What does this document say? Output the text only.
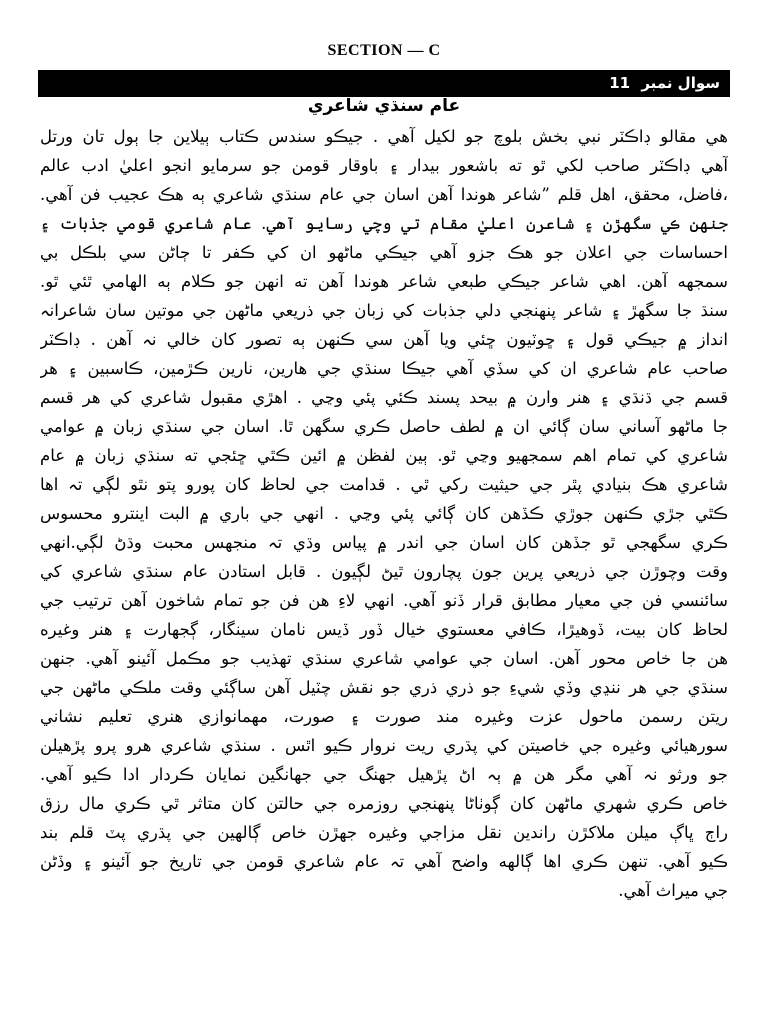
SECTION — C
سوال نمبر 11
عام سنڌي شاعري
هي مقالو ڊاڪٽر نبي بخش بلوچ جو لکيل آهي . جيڪو سندس ڪتاب ٻيلاين جا ٻول تان ورتل
آهي ڊاڪٽر صاحب لکي ٿو ته باشعور بيدار ۽ باوقار قومن جو سرمايو انجو اعليٰ ادب عالم
،فاضل، محقق، اهل قلم ”شاعر هوندا آهن اسان جي عام سنڌي شاعري ٻه هڪ عجيب فن آهي.
جنهن ڪي سگهڙن ۽ شاعرن اعليٰ مقام تي وچي رسايو آهي. عام شاعري قومي جذبات ۽
احساسات جي اعلان جو هڪ جزو آهي جيڪي ماڻهو ان کي ڪفر تا ڄاڻن سي بلڪل بي
سمجهه آهن. اهي شاعر جيڪي طبعي شاعر هوندا آهن ته انهن جو ڪلام ٻه الهامي ٿئي ٿو.
سنڌ جا سگهڙ ۽ شاعر پنهنجي دلي جذبات کي زبان جي ذريعي ماڻهن جي موتين سان شاعرانہ
انداز ۾ جيڪي قول ۽ ڇوٽيون ڇئي ويا آهن سي ڪنهن ٻه تصور کان خالي نہ آهن . ڊاڪٽر
صاحب عام شاعري ان کي سڏي آهي جيڪا سنڌي جي هارين، نارين ڪڙمين، ڪاسبين ۽ هر
قسم جي ڌنڌي ۽ هنر وارن ۾ بيحد پسند ڪئي پئي وڃي . اهڙي مقبول شاعري کي هر قسم
جا ماڻهو آساني سان ڳائي ان ۾ لطف حاصل ڪري سگهن ٿا. اسان جي سنڌي زبان ۾ عوامي
شاعري کي تمام اهم سمجهيو وڃي ٿو. ٻين لفظن ۾ ائين ڪٿي ڇئجي ته سنڌي زبان ۾ عام
شاعري هڪ بنيادي پٿر جي حيثيت رکي ٿي . قدامت جي لحاظ کان پورو پتو نٿو لڳي تہ اها
ڪٿي جڙي ڪنهن جوڙي ڪڏهن کان ڳائي پئي وڃي . انهي جي باري ۾ البت اينترو محسوس
ڪري سگهجي ٿو جڏهن کان اسان جي اندر ۾ پياس وڌي تہ منجهس محبت وڌڻ لڳي.انهي
وقت وچوڙن جي ذريعي پرين جون پچارون ٿيڻ لڳيون . قابل استادن عام سنڌي شاعري کي
سائنسي فن جي معيار مطابق قرار ڏنو آهي. انهي لاءِ هن فن جو تمام شاخون آهن ترتيب جي
لحاظ کان بيت، ڏوهيڙا، ڪافي معستوي خيال ڏور ڏيس نامان سينگار، ڳجهارت ۽ هنر وغيره
هن جا خاص محور آهن. اسان جي عوامي شاعري سنڌي تهذيب جو مڪمل آئينو آهي. جنهن
سنڌي جي هر ننڍي وڏي شيءِ جو ذري ذري جو نقش چٽيل آهن ساڳئي وقت ملڪي ماڻهن جي
ريتن رسمن ماحول عزت وغيره مند صورت ۽ صورت، مهمانوازي هنري تعليم نشاني
سورهيائي وغيره جي خاصيتن کي پڌري ريت نروار ڪيو اٿس . سنڌي شاعري هرو پرو پڙهيلن
جو ورثو نہ آهي مگر هن ۾ ٻہ اڻ پڙهيل جهنگ جي جهانگين نمايان ڪردار ادا ڪيو آهي.
خاص ڪري شهري ماڻهن کان ڳوٺاڻا پنهنجي روزمره جي حالتن کان متاثر ٿي ڪري مال رزق
راڄ ڀاڳ ميلن ملاکڙن راندين نقل مزاجي وغيره جهڙن خاص ڳالهين جي پڌري پٽ قلم بند
ڪيو آهي. تنهن ڪري اها ڳالهه واضح آهي تہ عام شاعري قومن جي تاريخ جو آئينو ۽ وڏڻن
جي ميراث آهي.
